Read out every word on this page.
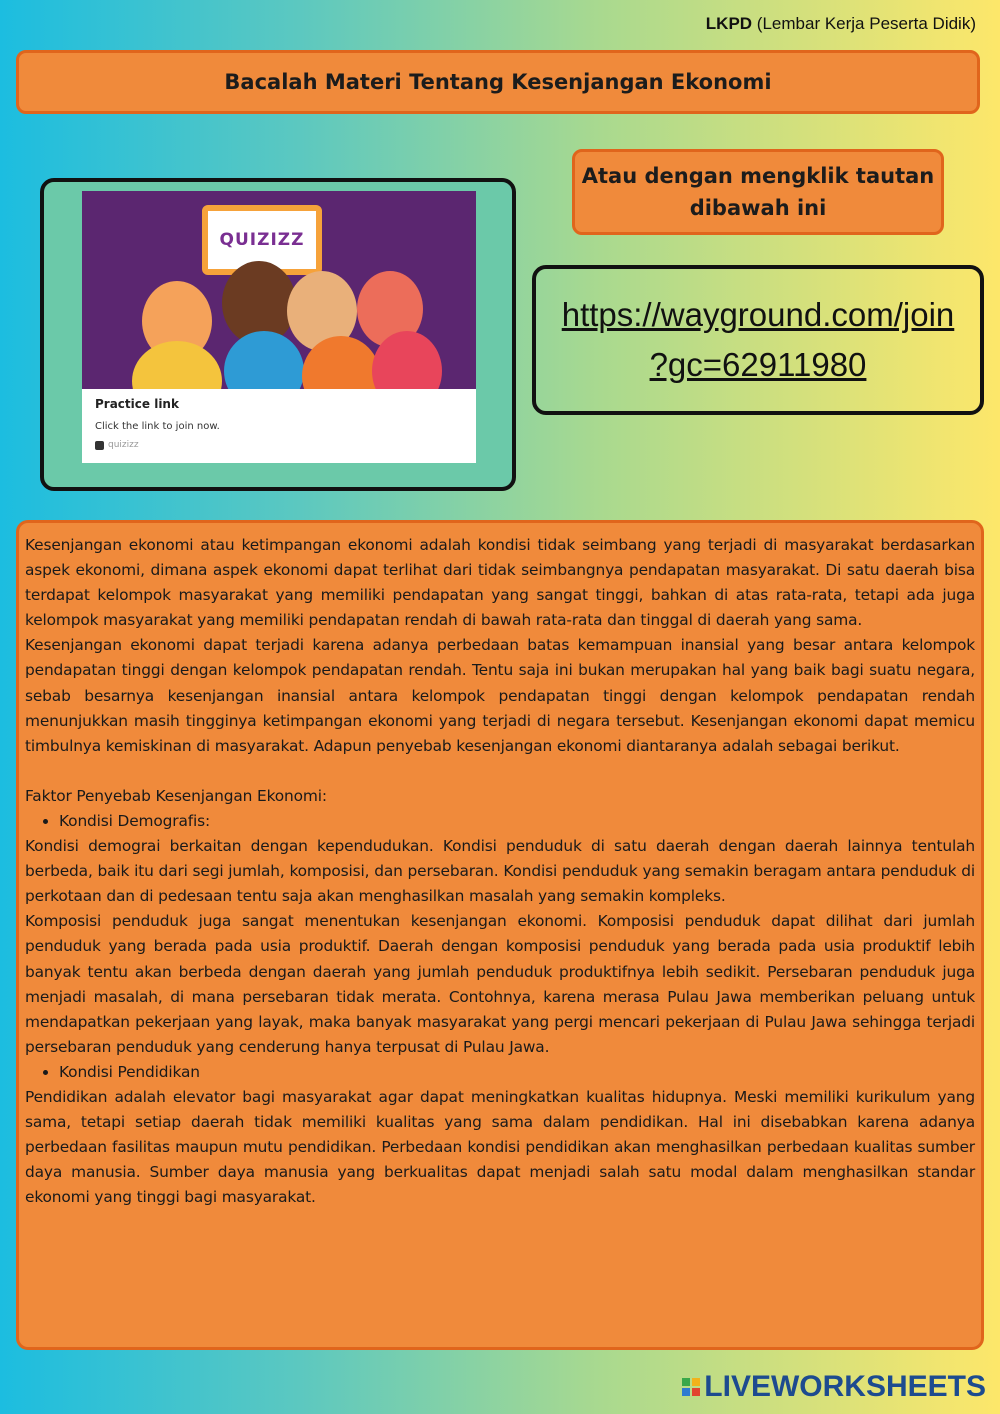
LKPD (Lembar Kerja Peserta Didik)
Bacalah Materi Tentang Kesenjangan Ekonomi
QUIZIZZ
Practice link
Click the link to join now.
quizizz
Atau dengan mengklik tautan dibawah ini
https://wayground.com/join
?gc=62911980

Kesenjangan ekonomi atau ketimpangan ekonomi adalah kondisi tidak seimbang yang terjadi di masyarakat berdasarkan aspek ekonomi, dimana aspek ekonomi dapat terlihat dari tidak seimbangnya pendapatan masyarakat. Di satu daerah bisa terdapat kelompok masyarakat yang memiliki pendapatan yang sangat tinggi, bahkan di atas rata-rata, tetapi ada juga kelompok masyarakat yang memiliki pendapatan rendah di bawah rata-rata dan tinggal di daerah yang sama.

Kesenjangan ekonomi dapat terjadi karena adanya perbedaan batas kemampuan inansial yang besar antara kelompok pendapatan tinggi dengan kelompok pendapatan rendah. Tentu saja ini bukan merupakan hal yang baik bagi suatu negara, sebab besarnya kesenjangan inansial antara kelompok pendapatan tinggi dengan kelompok pendapatan rendah menunjukkan masih tingginya ketimpangan ekonomi yang terjadi di negara tersebut. Kesenjangan ekonomi dapat memicu timbulnya kemiskinan di masyarakat. Adapun penyebab kesenjangan ekonomi diantaranya adalah sebagai berikut.

Faktor Penyebab Kesenjangan Ekonomi:

• Kondisi Demografis:

Kondisi demograi berkaitan dengan kependudukan. Kondisi penduduk di satu daerah dengan daerah lainnya tentulah berbeda, baik itu dari segi jumlah, komposisi, dan persebaran. Kondisi penduduk yang semakin beragam antara penduduk di perkotaan dan di pedesaan tentu saja akan menghasilkan masalah yang semakin kompleks.

Komposisi penduduk juga sangat menentukan kesenjangan ekonomi. Komposisi penduduk dapat dilihat dari jumlah penduduk yang berada pada usia produktif. Daerah dengan komposisi penduduk yang berada pada usia produktif lebih banyak tentu akan berbeda dengan daerah yang jumlah penduduk produktifnya lebih sedikit. Persebaran penduduk juga menjadi masalah, di mana persebaran tidak merata. Contohnya, karena merasa Pulau Jawa memberikan peluang untuk mendapatkan pekerjaan yang layak, maka banyak masyarakat yang pergi mencari pekerjaan di Pulau Jawa sehingga terjadi persebaran penduduk yang cenderung hanya terpusat di Pulau Jawa.

• Kondisi Pendidikan

Pendidikan adalah elevator bagi masyarakat agar dapat meningkatkan kualitas hidupnya. Meski memiliki kurikulum yang sama, tetapi setiap daerah tidak memiliki kualitas yang sama dalam pendidikan. Hal ini disebabkan karena adanya perbedaan fasilitas maupun mutu pendidikan. Perbedaan kondisi pendidikan akan menghasilkan perbedaan kualitas sumber daya manusia. Sumber daya manusia yang berkualitas dapat menjadi salah satu modal dalam menghasilkan standar ekonomi yang tinggi bagi masyarakat.

LIVEWORKSHEETS
